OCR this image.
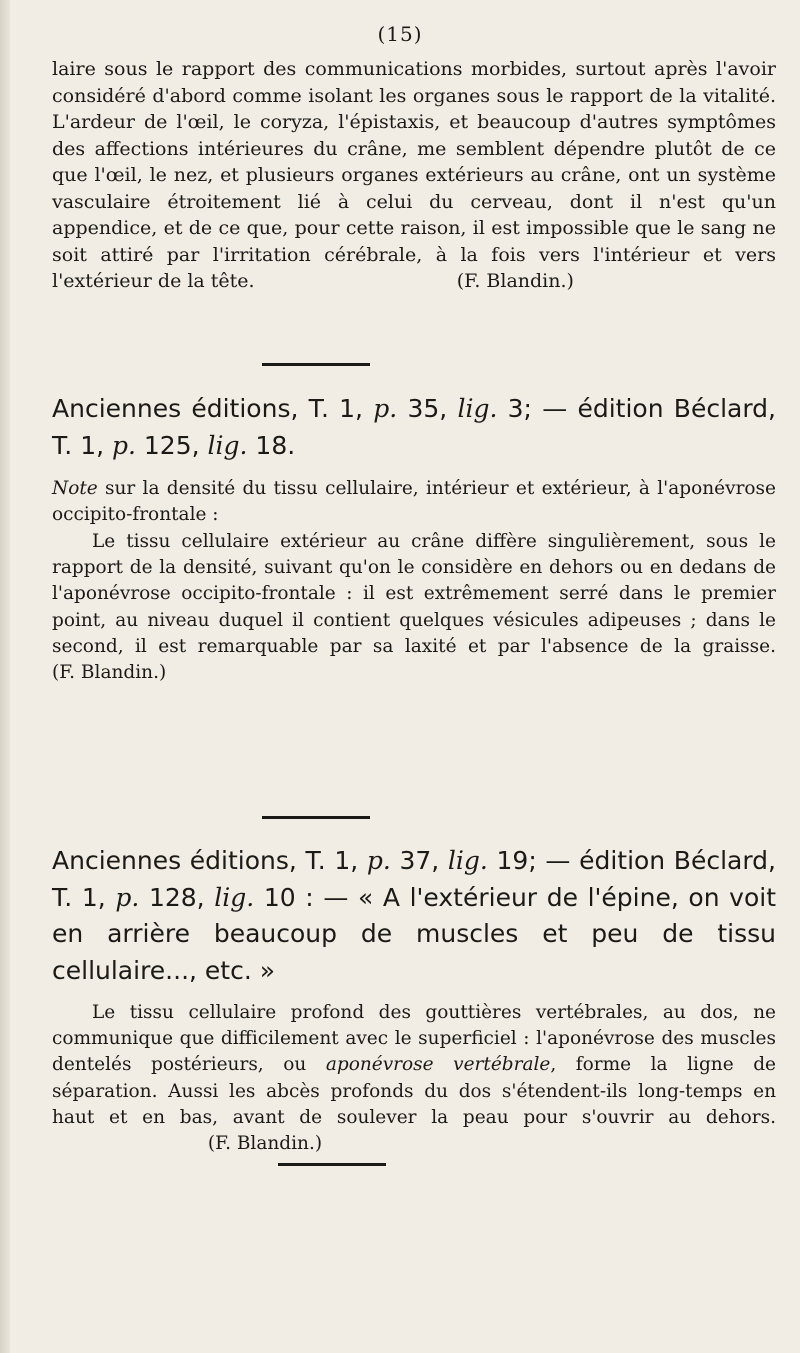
(15)

laire sous le rapport des communications morbides, surtout après l'avoir considéré d'abord comme isolant les organes sous le rapport de la vitalité. L'ardeur de l'œil, le coryza, l'épistaxis, et beaucoup d'autres symptômes des affections intérieures du crâne, me semblent dépendre plutôt de ce que l'œil, le nez, et plusieurs organes extérieurs au crâne, ont un système vasculaire étroitement lié à celui du cerveau, dont il n'est qu'un appendice, et de ce que, pour cette raison, il est impossible que le sang ne soit attiré par l'irritation cérébrale, à la fois vers l'intérieur et vers l'extérieur de la tête.	(F. Blandin.)

Anciennes éditions, T. 1, p. 35, lig. 3; — édition Béclard, T. 1, p. 125, lig. 18.

Note sur la densité du tissu cellulaire, intérieur et extérieur, à l'aponévrose occipito-frontale :

Le tissu cellulaire extérieur au crâne diffère singulièrement, sous le rapport de la densité, suivant qu'on le considère en dehors ou en dedans de l'aponévrose occipito-frontale : il est extrêmement serré dans le premier point, au niveau duquel il contient quelques vésicules adipeuses ; dans le second, il est remarquable par sa laxité et par l'absence de la graisse. (F. Blandin.)

Anciennes éditions, T. 1, p. 37, lig. 19; — édition Béclard, T. 1, p. 128, lig. 10 : — « A l'extérieur de l'épine, on voit en arrière beaucoup de muscles et peu de tissu cellulaire..., etc. »

Le tissu cellulaire profond des gouttières vertébrales, au dos, ne communique que difficilement avec le superficiel : l'aponévrose des muscles dentelés postérieurs, ou aponévrose vertébrale, forme la ligne de séparation. Aussi les abcès profonds du dos s'étendent-ils long-temps en haut et en bas, avant de soulever la peau pour s'ouvrir au dehors.  (F. Blandin.)
